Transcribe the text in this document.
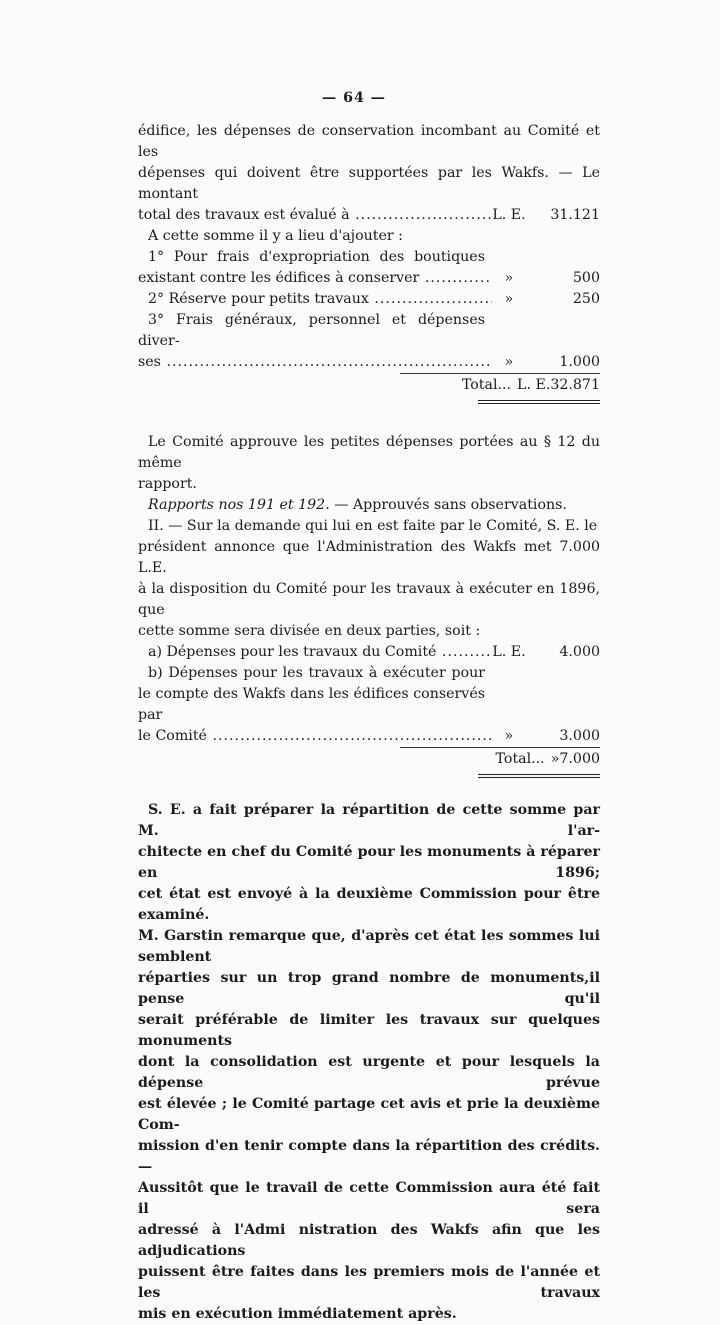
— 64 —

édifice, les dépenses de conservation incombant au Comité et les

dépenses qui doivent être supportées par les Wakfs. — Le montant

total des travaux est évalué à .....	L. E.	31.121

A cette somme il y a lieu d'ajouter :

1° Pour frais d'expropriation des boutiques

existant contre les édifices à conserver .....	»	500
2° Réserve pour petits travaux .....	»	250

3° Frais généraux, personnel et dépenses diver-

ses .....	»	1.000
Total... L. E. 32.871

Le Comité approuve les petites dépenses portées au § 12 du même

rapport.

Rapports nos 191 et 192. — Approuvés sans observations.

II. — Sur la demande qui lui en est faite par le Comité, S. E. le

président annonce que l'Administration des Wakfs met 7.000 L.E.

à la disposition du Comité pour les travaux à exécuter en 1896, que

cette somme sera divisée en deux parties, soit :

a) Dépenses pour les travaux du Comité .....	L. E.	4.000

b) Dépenses pour les travaux à exécuter pour

le compte des Wakfs dans les édifices conservés par

le Comité .....	»	3.000
Total... » 7.000

S. E. a fait préparer la répartition de cette somme par M. l'ar-

chitecte en chef du Comité pour les monuments à réparer en 1896;

cet état est envoyé à la deuxième Commission pour être examiné.

M. Garstin remarque que, d'après cet état les sommes lui semblent

réparties sur un trop grand nombre de monuments,il pense qu'il

serait préférable de limiter les travaux sur quelques monuments

dont la consolidation est urgente et pour lesquels la dépense prévue

est élevée ; le Comité partage cet avis et prie la deuxième Com-

mission d'en tenir compte dans la répartition des crédits. —

Aussitôt que le travail de cette Commission aura été fait il sera

adressé à l'Admi nistration des Wakfs afin que les adjudications

puissent être faites dans les premiers mois de l'année et les travaux

mis en exécution immédiatement après.
